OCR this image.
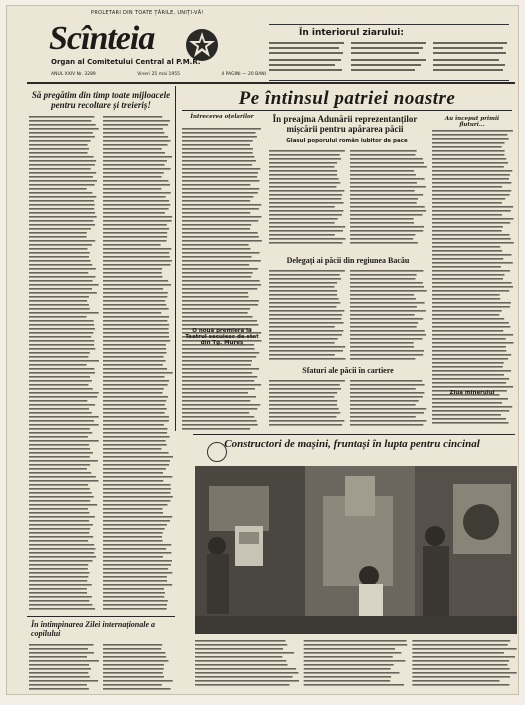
PROLETARI DIN TOATE ȚĂRILE, UNIȚI-VĂ!
Scînteia
Organ al Comitetului Central al P.M.R.
ANUL XXIV Nr. 3289	Vineri 25 mai 1955	4 PAGINI — 20 BANI
În interiorul ziarului:
Să pregătim din timp toate mijloacele pentru recoltare și treieriș!	Pe întinsul patriei noastre
Întrecerea oțelarilor	În preajma Adunării reprezentanților mișcării pentru apărarea păcii
Glasul poporului român iubitor de pace
Au început primii fluturi...
Delegați ai păcii din regiunea Bacău
Sfaturi ale păcii în cartiere
O nouă premieră la Teatrul secuiesc de stat din Tg. Mureș
Ziua minerului
Constructori de mașini, fruntași în lupta pentru cincinal
În întîmpinarea Zilei internaționale a copilului
